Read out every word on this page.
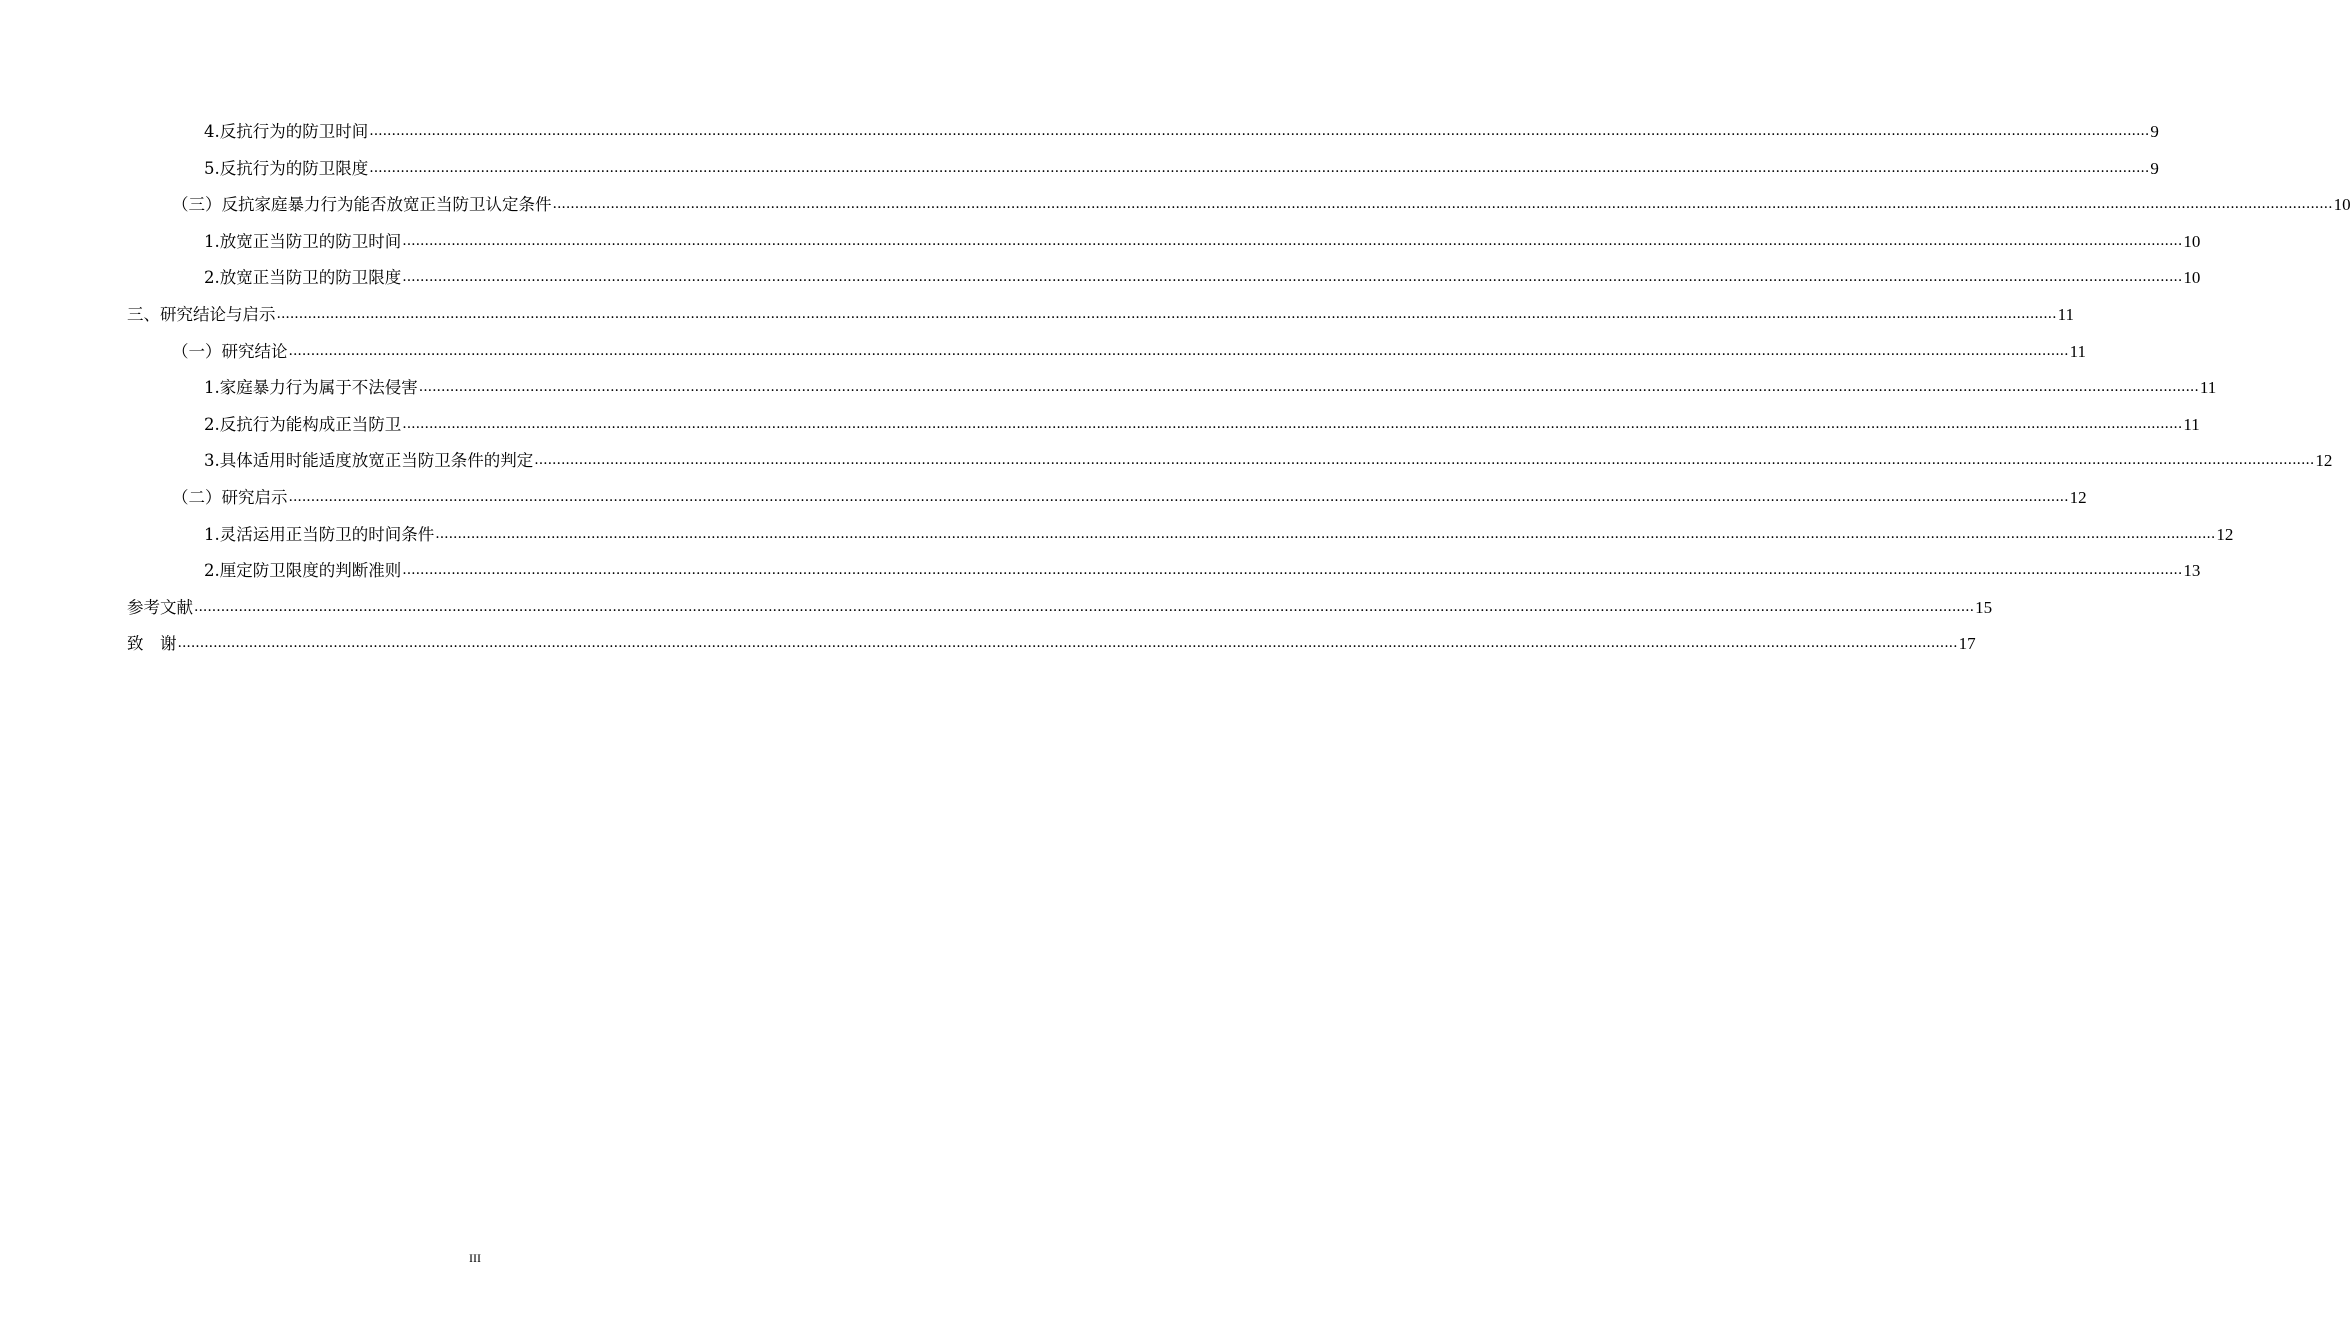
4. 反抗行为的防卫时间 ................................................................................................................................................................................................................................................................................................................................................................................................................ 9
5. 反抗行为的防卫限度 ................................................................................................................................................................................................................................................................................................................................................................................................................ 9
（三） 反抗家庭暴力行为能否放宽正当防卫认定条件 ................................................................................................................................................................................................................................................................................................................................................................................................................ 10
1. 放宽正当防卫的防卫时间 ................................................................................................................................................................................................................................................................................................................................................................................................................ 10
2. 放宽正当防卫的防卫限度 ................................................................................................................................................................................................................................................................................................................................................................................................................ 10
三、 研究结论与启示 ................................................................................................................................................................................................................................................................................................................................................................................................................ 11
（一） 研究结论 ................................................................................................................................................................................................................................................................................................................................................................................................................ 11
1. 家庭暴力行为属于不法侵害 ................................................................................................................................................................................................................................................................................................................................................................................................................ 11
2. 反抗行为能构成正当防卫 ................................................................................................................................................................................................................................................................................................................................................................................................................ 11
3. 具体适用时能适度放宽正当防卫条件的判定 ................................................................................................................................................................................................................................................................................................................................................................................................................ 12
（二） 研究启示 ................................................................................................................................................................................................................................................................................................................................................................................................................ 12
1. 灵活运用正当防卫的时间条件 ................................................................................................................................................................................................................................................................................................................................................................................................................ 12
2. 厘定防卫限度的判断准则 ................................................................................................................................................................................................................................................................................................................................................................................................................ 13
参考文献 ................................................................................................................................................................................................................................................................................................................................................................................................................ 15
致　谢 ................................................................................................................................................................................................................................................................................................................................................................................................................ 17
III
